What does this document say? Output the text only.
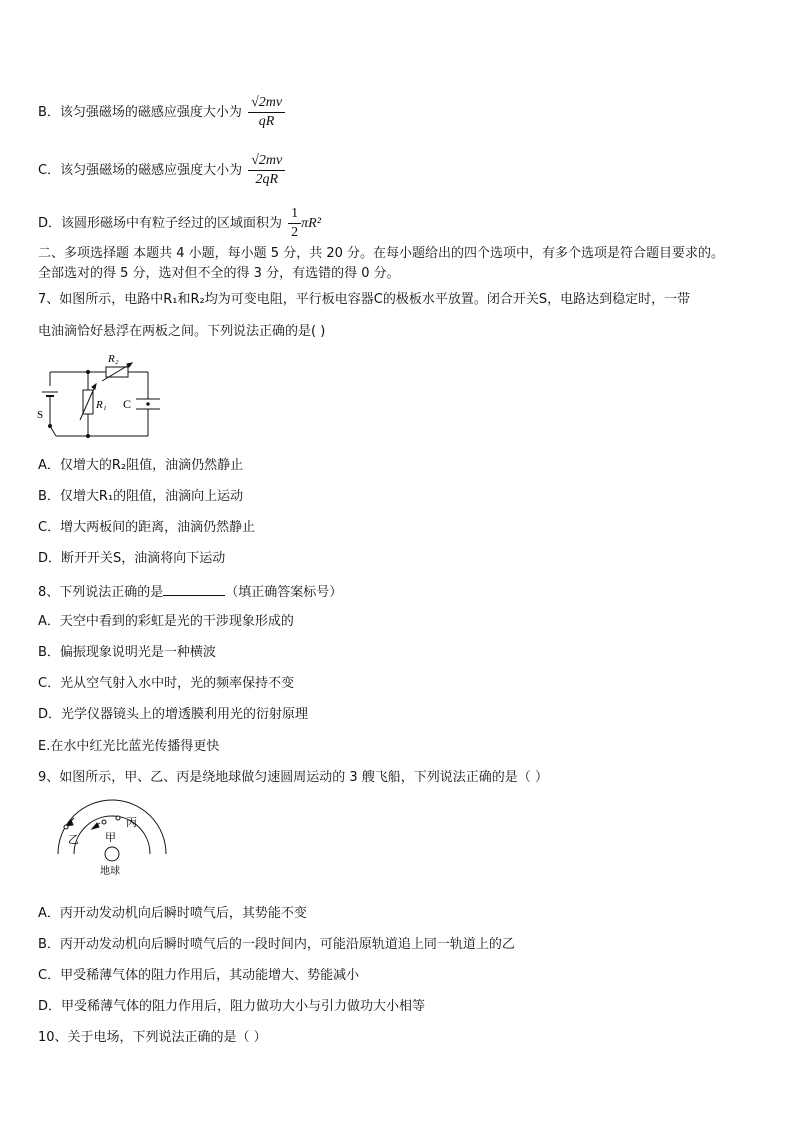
B．该匀强磁场的磁感应强度大小为 $\frac{√2mv}{qR}$
C．该匀强磁场的磁感应强度大小为 $\frac{√2mv}{2qR}$
D．该圆形磁场中有粒子经过的区域面积为 $\frac{1}{2} \pi R^2$
二、多项选择题 本题共 4 小题，每小题 5 分，共 20 分。在每小题给出的四个选项中，有多个选项是符合题目要求的。
全部选对的得 5 分，选对但不全的得 3 分，有选错的得 0 分。
7、如图所示，电路中R₁和R₂均为可变电阻，平行板电容器C的极板水平放置。闭合开关S，电路达到稳定时，一带
电油滴恰好悬浮在两板之间。下列说法正确的是( )
R₂
R₁ C
S
A．仅增大的R₂阻值，油滴仍然静止
B．仅增大R₁的阻值，油滴向上运动
C．增大两板间的距离，油滴仍然静止
D．断开开关S，油滴将向下运动
8、下列说法正确的是	（填正确答案标号）
A．天空中看到的彩虹是光的干涉现象形成的
B．偏振现象说明光是一种横波
C．光从空气射入水中时，光的频率保持不变
D．光学仪器镜头上的增透膜利用光的衍射原理
E.在水中红光比蓝光传播得更快
9、如图所示，甲、乙、丙是绕地球做匀速圆周运动的 3 艘飞船，下列说法正确的是（ ）
乙 甲
丙
地球
A．丙开动发动机向后瞬时喷气后，其势能不变
B．丙开动发动机向后瞬时喷气后的一段时间内，可能沿原轨道追上同一轨道上的乙
C．甲受稀薄气体的阻力作用后，其动能增大、势能减小
D．甲受稀薄气体的阻力作用后，阻力做功大小与引力做功大小相等
10、关于电场，下列说法正确的是（ ）
